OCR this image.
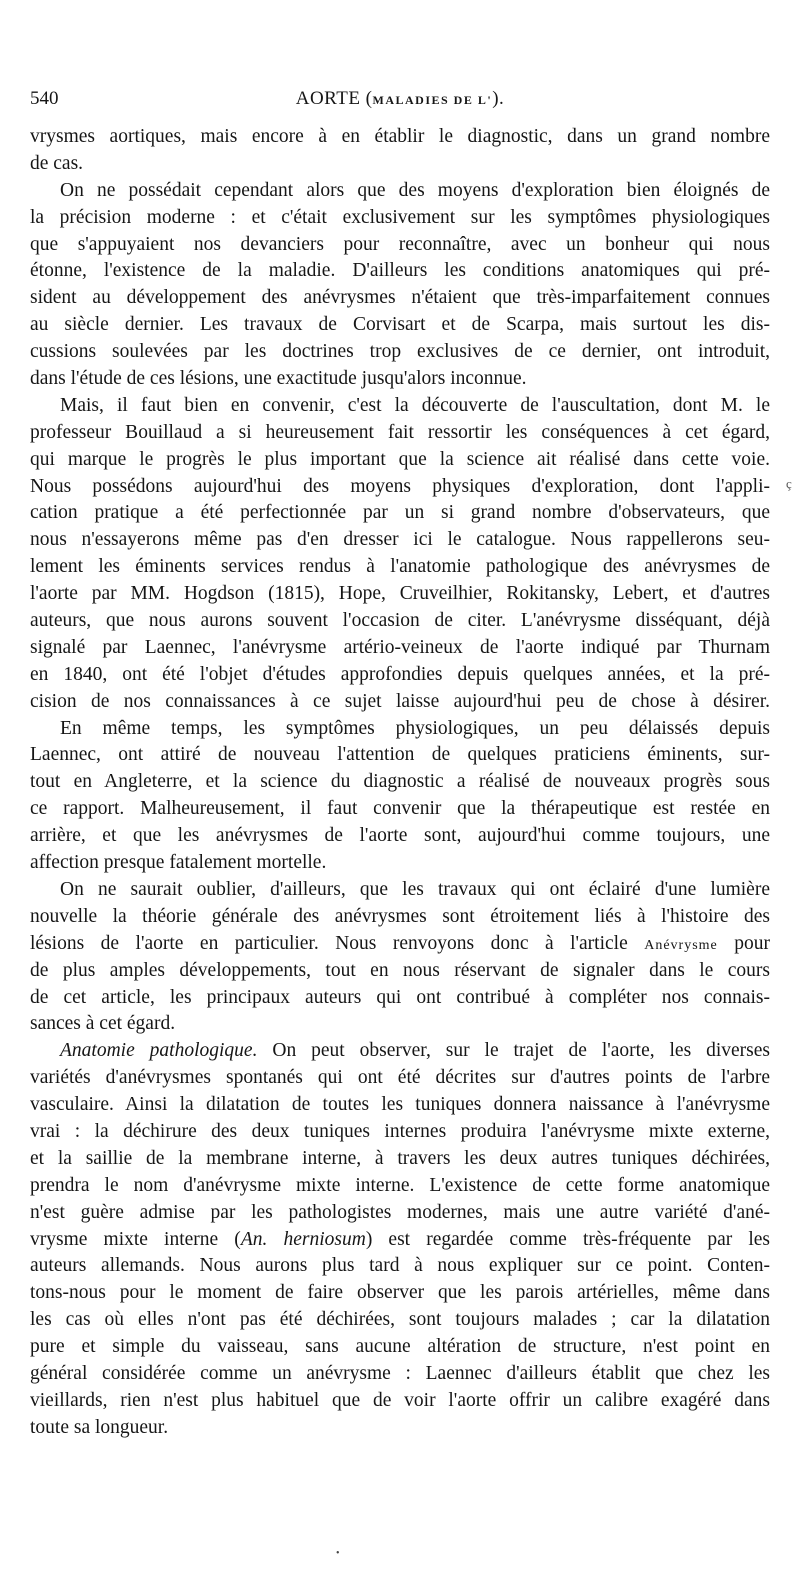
540	AORTE (MALADIES DE L').
vrysmes aortiques, mais encore à en établir le diagnostic, dans un grand nombre
de cas.
On ne possédait cependant alors que des moyens d'exploration bien éloignés de
la précision moderne : et c'était exclusivement sur les symptômes physiologiques
que s'appuyaient nos devanciers pour reconnaître, avec un bonheur qui nous
étonne, l'existence de la maladie. D'ailleurs les conditions anatomiques qui pré-
sident au développement des anévrysmes n'étaient que très-imparfaitement connues
au siècle dernier. Les travaux de Corvisart et de Scarpa, mais surtout les dis-
cussions soulevées par les doctrines trop exclusives de ce dernier, ont introduit,
dans l'étude de ces lésions, une exactitude jusqu'alors inconnue.
Mais, il faut bien en convenir, c'est la découverte de l'auscultation, dont M. le
professeur Bouillaud a si heureusement fait ressortir les conséquences à cet égard,
qui marque le progrès le plus important que la science ait réalisé dans cette voie.
Nous possédons aujourd'hui des moyens physiques d'exploration, dont l'appli-
cation pratique a été perfectionnée par un si grand nombre d'observateurs, que
nous n'essayerons même pas d'en dresser ici le catalogue. Nous rappellerons seu-
lement les éminents services rendus à l'anatomie pathologique des anévrysmes de
l'aorte par MM. Hogdson (1815), Hope, Cruveilhier, Rokitansky, Lebert, et d'autres
auteurs, que nous aurons souvent l'occasion de citer. L'anévrysme disséquant, déjà
signalé par Laennec, l'anévrysme artério-veineux de l'aorte indiqué par Thurnam
en 1840, ont été l'objet d'études approfondies depuis quelques années, et la pré-
cision de nos connaissances à ce sujet laisse aujourd'hui peu de chose à désirer.
En même temps, les symptômes physiologiques, un peu délaissés depuis
Laennec, ont attiré de nouveau l'attention de quelques praticiens éminents, sur-
tout en Angleterre, et la science du diagnostic a réalisé de nouveaux progrès sous
ce rapport. Malheureusement, il faut convenir que la thérapeutique est restée en
arrière, et que les anévrysmes de l'aorte sont, aujourd'hui comme toujours, une
affection presque fatalement mortelle.
On ne saurait oublier, d'ailleurs, que les travaux qui ont éclairé d'une lumière
nouvelle la théorie générale des anévrysmes sont étroitement liés à l'histoire des
lésions de l'aorte en particulier. Nous renvoyons donc à l'article Anévrysme pour
de plus amples développements, tout en nous réservant de signaler dans le cours
de cet article, les principaux auteurs qui ont contribué à compléter nos connais-
sances à cet égard.
Anatomie pathologique. On peut observer, sur le trajet de l'aorte, les diverses
variétés d'anévrysmes spontanés qui ont été décrites sur d'autres points de l'arbre
vasculaire. Ainsi la dilatation de toutes les tuniques donnera naissance à l'anévrysme
vrai : la déchirure des deux tuniques internes produira l'anévrysme mixte externe,
et la saillie de la membrane interne, à travers les deux autres tuniques déchirées,
prendra le nom d'anévrysme mixte interne. L'existence de cette forme anatomique
n'est guère admise par les pathologistes modernes, mais une autre variété d'ané-
vrysme mixte interne (An. herniosum) est regardée comme très-fréquente par les
auteurs allemands. Nous aurons plus tard à nous expliquer sur ce point. Conten-
tons-nous pour le moment de faire observer que les parois artérielles, même dans
les cas où elles n'ont pas été déchirées, sont toujours malades ; car la dilatation
pure et simple du vaisseau, sans aucune altération de structure, n'est point en
général considérée comme un anévrysme : Laennec d'ailleurs établit que chez les
vieillards, rien n'est plus habituel que de voir l'aorte offrir un calibre exagéré dans
toute sa longueur.
ç
•
